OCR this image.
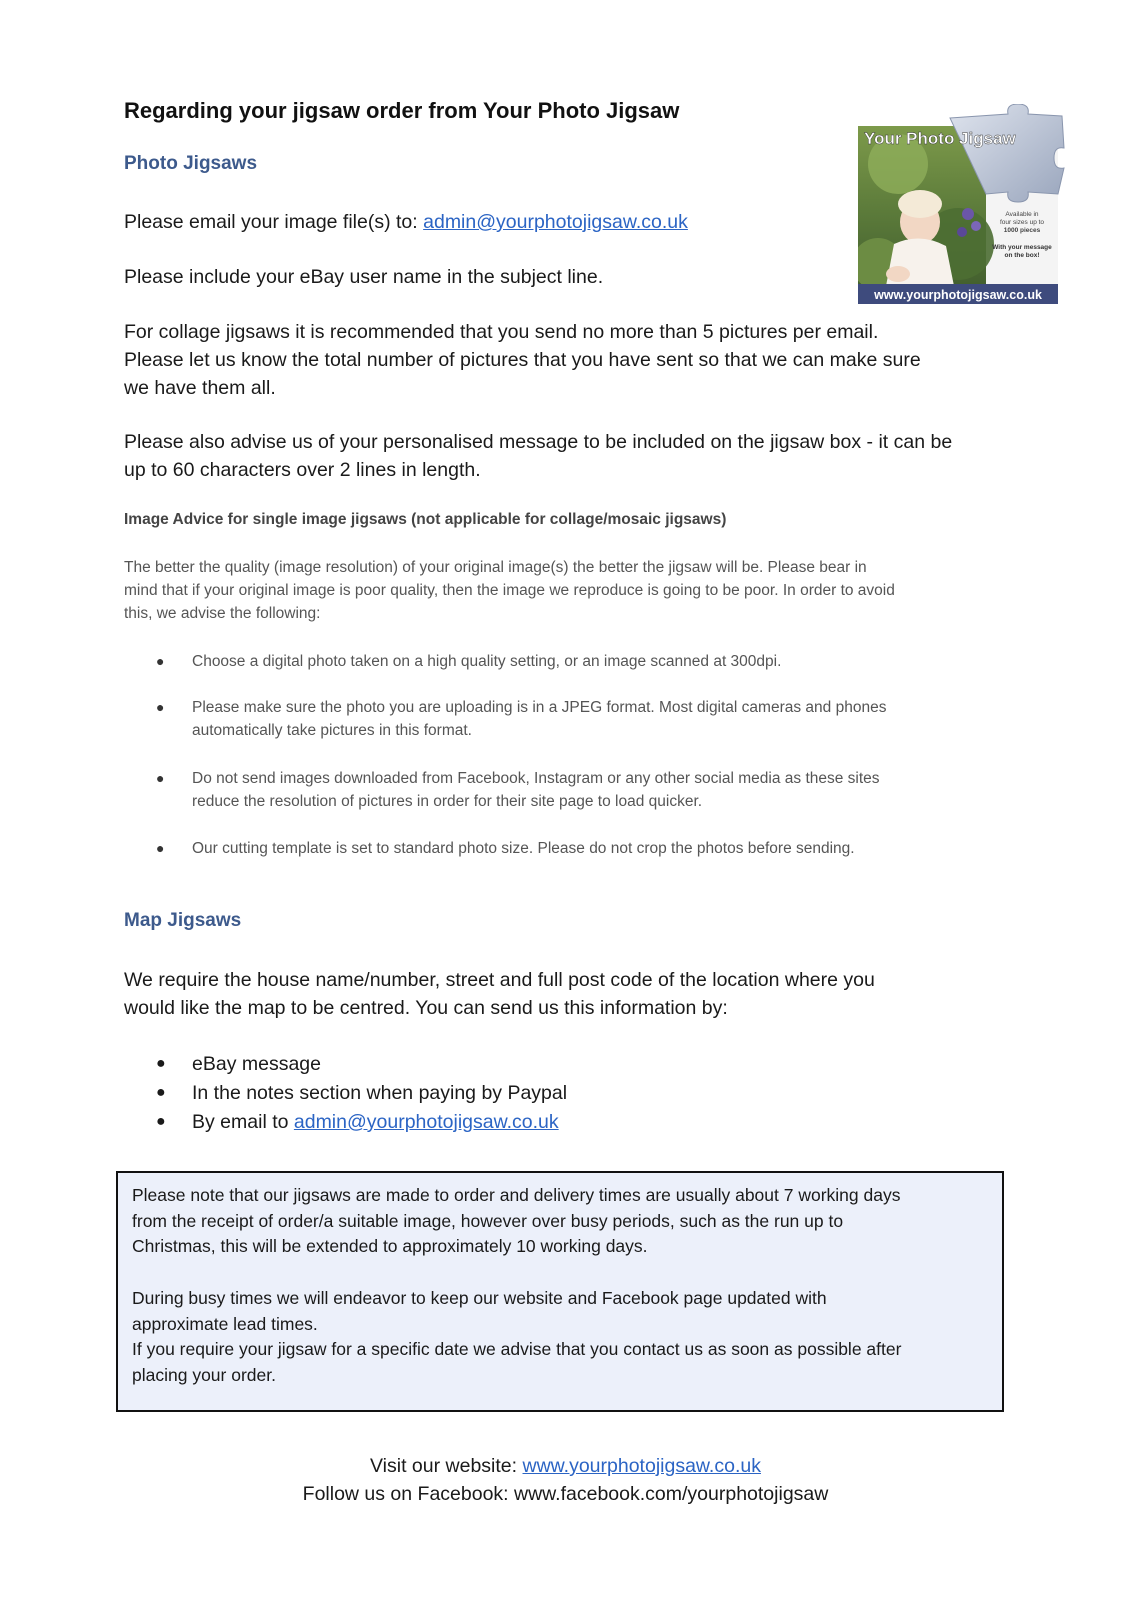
Regarding your jigsaw order from Your Photo Jigsaw
Your Photo Jigsaw
Available in
four sizes up to
1000 pieces
With your message
on the box!
www.yourphotojigsaw.co.uk
Photo Jigsaws
Please email your image file(s) to: admin@yourphotojigsaw.co.uk
Please include your eBay user name in the subject line.
For collage jigsaws it is recommended that you send no more than 5 pictures per email.
Please let us know the total number of pictures that you have sent so that we can make sure
we have them all.
Please also advise us of your personalised message to be included on the jigsaw box - it can be
up to 60 characters over 2 lines in length.
Image Advice for single image jigsaws (not applicable for collage/mosaic jigsaws)
The better the quality (image resolution) of your original image(s) the better the jigsaw will be. Please bear in
mind that if your original image is poor quality, then the image we reproduce is going to be poor. In order to avoid
this, we advise the following:
● Choose a digital photo taken on a high quality setting, or an image scanned at 300dpi.
● Please make sure the photo you are uploading is in a JPEG format. Most digital cameras and phones
automatically take pictures in this format.
● Do not send images downloaded from Facebook, Instagram or any other social media as these sites
reduce the resolution of pictures in order for their site page to load quicker.
● Our cutting template is set to standard photo size. Please do not crop the photos before sending.
Map Jigsaws
We require the house name/number, street and full post code of the location where you
would like the map to be centred. You can send us this information by:
● eBay message
● In the notes section when paying by Paypal
● By email to admin@yourphotojigsaw.co.uk
Please note that our jigsaws are made to order and delivery times are usually about 7 working days
from the receipt of order/a suitable image, however over busy periods, such as the run up to
Christmas, this will be extended to approximately 10 working days.
During busy times we will endeavor to keep our website and Facebook page updated with
approximate lead times.
If you require your jigsaw for a specific date we advise that you contact us as soon as possible after
placing your order.
Visit our website: www.yourphotojigsaw.co.uk
Follow us on Facebook: www.facebook.com/yourphotojigsaw
